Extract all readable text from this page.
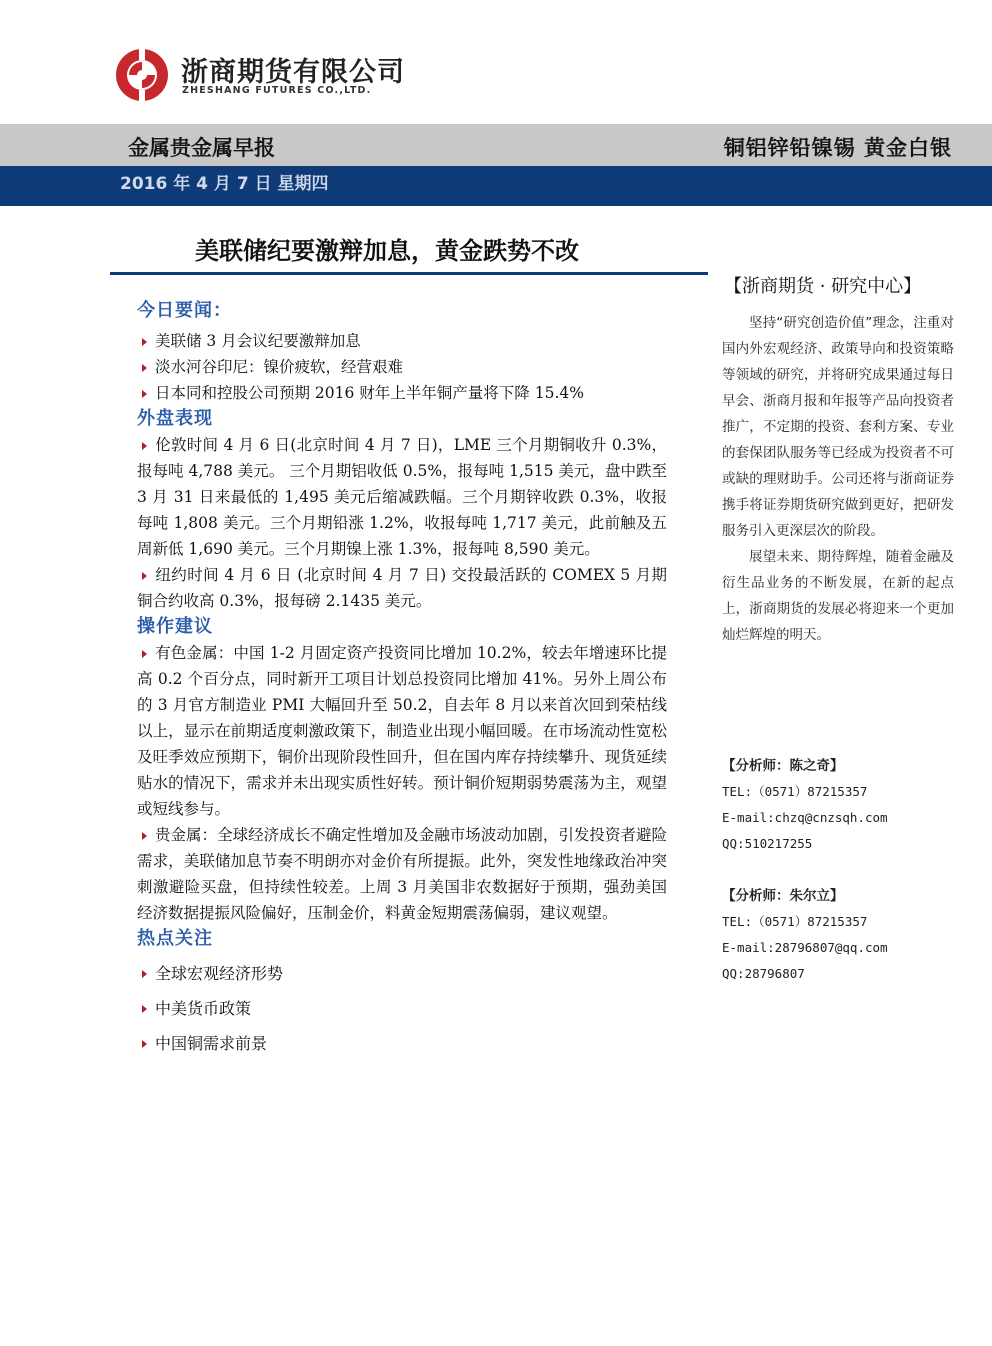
浙商期货有限公司
ZHESHANG FUTURES CO.,LTD.
金属贵金属早报	铜铝锌铅镍锡 黄金白银
2016 年 4 月 7 日 星期四
美联储纪要激辩加息，黄金跌势不改
今日要闻：
美联储 3 月会议纪要激辩加息
淡水河谷印尼：镍价疲软，经营艰难
日本同和控股公司预期 2016 财年上半年铜产量将下降 15.4%
外盘表现

伦敦时间 4 月 6 日(北京时间 4 月 7 日)，LME 三个月期铜收升 0.3%，报每吨 4,788 美元。 三个月期铝收低 0.5%，报每吨 1,515 美元，盘中跌至 3 月 31 日来最低的 1,495 美元后缩减跌幅。三个月期锌收跌 0.3%，收报每吨 1,808 美元。三个月期铅涨 1.2%，收报每吨 1,717 美元，此前触及五周新低 1,690 美元。三个月期镍上涨 1.3%，报每吨 8,590 美元。

纽约时间 4 月 6 日 (北京时间 4 月 7 日) 交投最活跃的 COMEX 5 月期铜合约收高 0.3%，报每磅 2.1435 美元。

操作建议

有色金属：中国 1-2 月固定资产投资同比增加 10.2%，较去年增速环比提高 0.2 个百分点，同时新开工项目计划总投资同比增加 41%。另外上周公布的 3 月官方制造业 PMI 大幅回升至 50.2，自去年 8 月以来首次回到荣枯线以上，显示在前期适度刺激政策下，制造业出现小幅回暖。在市场流动性宽松及旺季效应预期下，铜价出现阶段性回升，但在国内库存持续攀升、现货延续贴水的情况下，需求并未出现实质性好转。预计铜价短期弱势震荡为主，观望或短线参与。

贵金属：全球经济成长不确定性增加及金融市场波动加剧，引发投资者避险需求，美联储加息节奏不明朗亦对金价有所提振。此外，突发性地缘政治冲突刺激避险买盘，但持续性较差。上周 3 月美国非农数据好于预期，强劲美国经济数据提振风险偏好，压制金价，料黄金短期震荡偏弱，建议观望。

热点关注
全球宏观经济形势
中美货币政策
中国铜需求前景
【浙商期货 · 研究中心】

坚持“研究创造价值”理念，注重对国内外宏观经济、政策导向和投资策略等领域的研究，并将研究成果通过每日早会、浙商月报和年报等产品向投资者推广，不定期的投资、套利方案、专业的套保团队服务等已经成为投资者不可或缺的理财助手。公司还将与浙商证券携手将证券期货研究做到更好，把研发服务引入更深层次的阶段。

展望未来、期待辉煌，随着金融及衍生品业务的不断发展，在新的起点上，浙商期货的发展必将迎来一个更加灿烂辉煌的明天。

【分析师：陈之奇】
TEL:（0571）87215357
E-mail:chzq@cnzsqh.com
QQ:510217255
【分析师：朱尔立】
TEL:（0571）87215357
E-mail:28796807@qq.com
QQ:28796807
